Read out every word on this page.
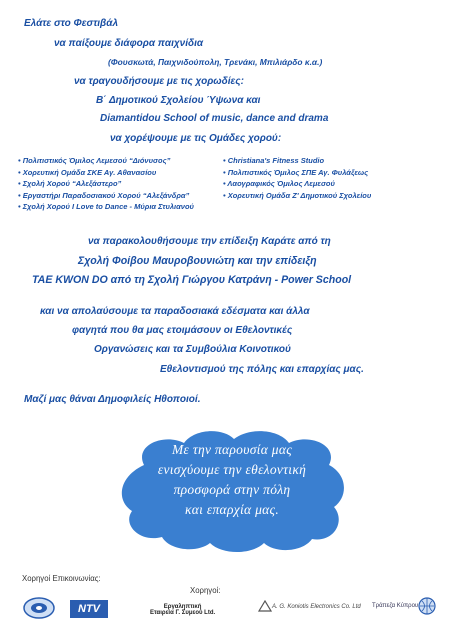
Ελάτε στο Φεστιβάλ
να παίξουμε διάφορα παιχνίδια
(Φουσκωτά, Παιχνιδούπολη, Τρενάκι, Μπιλιάρδο κ.α.)
να τραγουδήσουμε με τις χορωδίες:
Β΄ Δημοτικού Σχολείου Ύψωνα και
Diamantidou School of music, dance and drama
να χορέψουμε με τις Ομάδες χορού:
• Πολιτιστικός Όμιλος Λεμεσού “Διόνυσος”
• Χορευτική Ομάδα ΣΚΕ Αγ. Αθανασίου
• Σχολή Χορού “Αλεξάστερο”
• Εργαστήρι Παραδοσιακού Χορού “Αλεξάνδρα”
• Σχολή Χορού I Love to Dance - Μύρια Στυλιανού
• Christiana's Fitness Studio
• Πολιτιστικός Όμιλος ΣΠΕ Αγ. Φυλάξεως
• Λαογραφικός Όμιλος Λεμεσού
• Χορευτική Ομάδα Ζ' Δημοτικού Σχολείου
να παρακολουθήσουμε την επίδειξη Καράτε από τη
Σχολή Φοίβου Μαυροβουνιώτη και την επίδειξη
TAE KWON DO από τη Σχολή Γιώργου Κατράνη - Power School
και να απολαύσουμε τα παραδοσιακά εδέσματα και άλλα
φαγητά που θα μας ετοιμάσουν οι Εθελοντικές
Οργανώσεις και τα Συμβούλια Κοινοτικού
Εθελοντισμού της πόλης και επαρχίας μας.
Μαζί μας θάναι Δημοφιλείς Ηθοποιοί.
Με την παρουσία μας
ενισχύουμε την εθελοντική
προσφορά στην πόλη
και επαρχία μας.
Χορηγοί Επικοινωνίας:
Χορηγοί:
NTV	Εργαληπτική
Εταιρεία Γ. Συμεού Ltd.
Α. G. Koniotis Electronics Co. Ltd Τράπεζα Κύπρου
